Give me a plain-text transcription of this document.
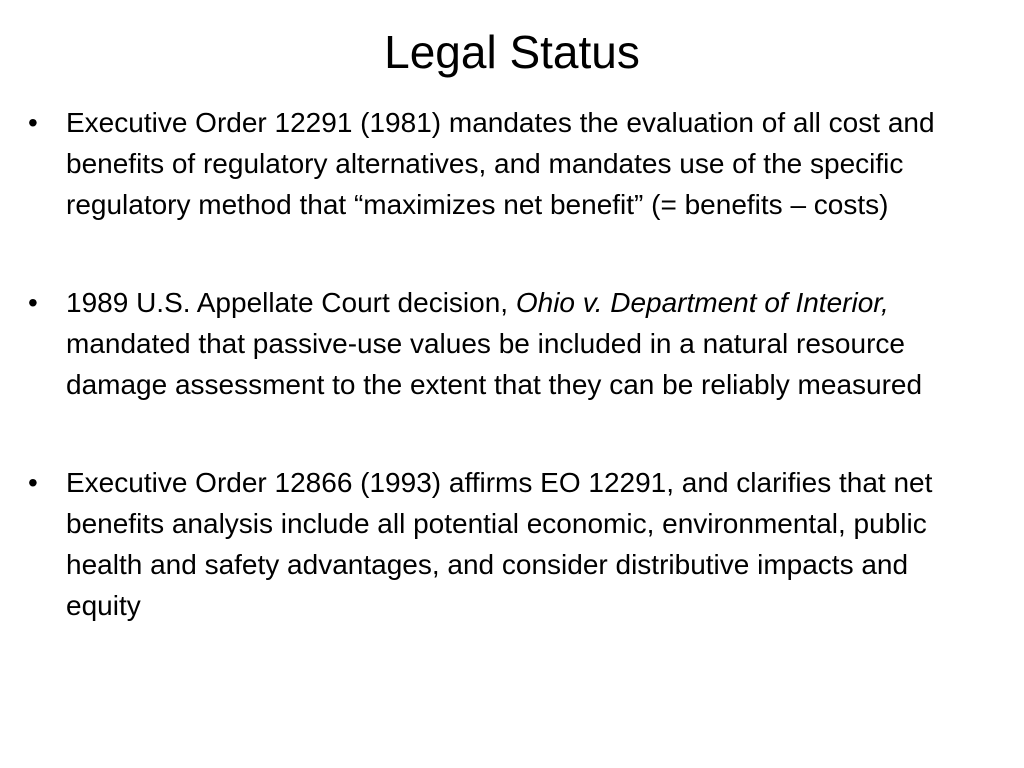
Legal Status
•	Executive Order 12291 (1981) mandates the evaluation of all cost and benefits of regulatory alternatives, and mandates use of the specific regulatory method that “maximizes net benefit” (= benefits – costs)
•	1989 U.S. Appellate Court decision, Ohio v. Department of Interior, mandated that passive-use values be included in a natural resource damage assessment to the extent that they can be reliably measured
•	Executive Order 12866 (1993) affirms EO 12291, and clarifies that net benefits analysis include all potential economic, environmental, public health and safety advantages, and consider distributive impacts and equity
